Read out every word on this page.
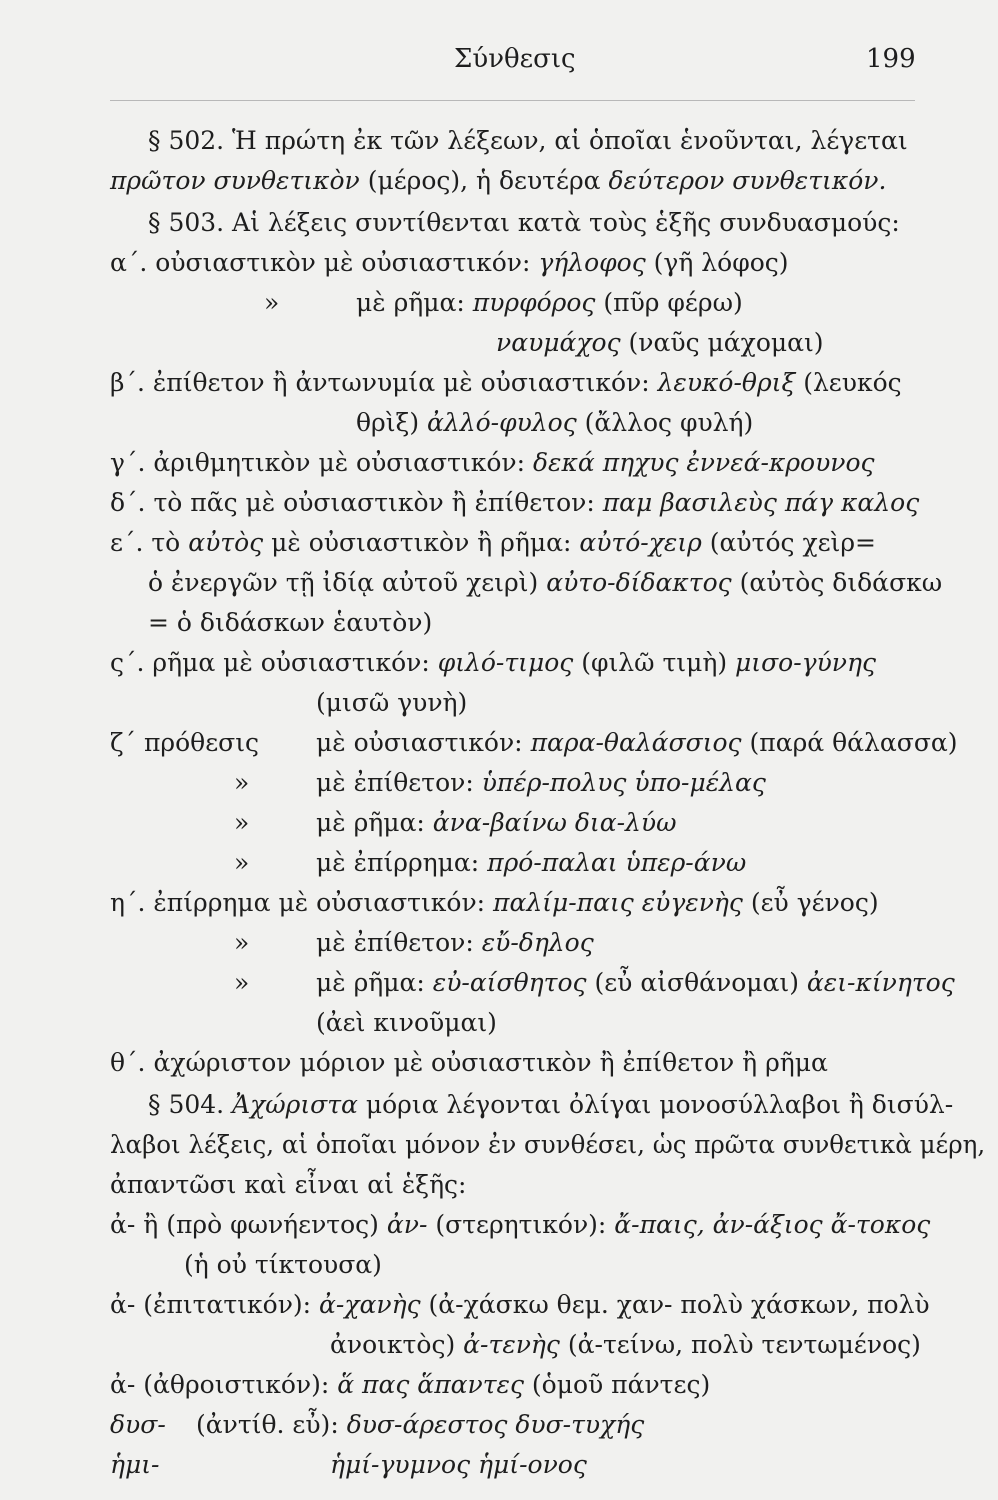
Σύνθεσις	199
§ 502. Ἡ πρώτη ἐκ τῶν λέξεων, αἱ ὁποῖαι ἑνοῦνται, λέγεται
πρῶτον συνθετικὸν (μέρος), ἡ δευτέρα δεύτερον συνθετικόν.
§ 503. Αἱ λέξεις συντίθενται κατὰ τοὺς ἑξῆς συνδυασμούς:
α΄. οὐσιαστικὸν μὲ οὐσιαστικόν: γήλοφος (γῆ λόφος)
»	μὲ ρῆμα: πυρφόρος (πῦρ φέρω)
ναυμάχος (ναῦς μάχομαι)
β΄. ἐπίθετον ἢ ἀντωνυμία μὲ οὐσιαστικόν: λευκό-θριξ (λευκός
θρὶξ) ἀλλό-φυλος (ἄλλος φυλή)
γ΄. ἀριθμητικὸν μὲ οὐσιαστικόν: δεκά πηχυς ἐννεά-κρουνος
δ΄. τὸ πᾶς μὲ οὐσιαστικὸν ἢ ἐπίθετον: παμ βασιλεὺς πάγ καλος
ε΄. τὸ αὐτὸς μὲ οὐσιαστικὸν ἢ ρῆμα: αὐτό-χειρ (αὐτός χεὶρ=
ὁ ἐνεργῶν τῇ ἰδίᾳ αὐτοῦ χειρὶ) αὐτο-δίδακτος (αὐτὸς διδάσκω
= ὁ διδάσκων ἑαυτὸν)
ς΄. ρῆμα μὲ οὐσιαστικόν: φιλό-τιμος (φιλῶ τιμὴ) μισο-γύνης
(μισῶ γυνὴ)
ζ΄ πρόθεσις μὲ οὐσιαστικόν: παρα-θαλάσσιος (παρά θάλασσα)
»	μὲ ἐπίθετον: ὑπέρ-πολυς ὑπο-μέλας
»	μὲ ρῆμα: ἀνα-βαίνω δια-λύω
»	μὲ ἐπίρρημα: πρό-παλαι ὑπερ-άνω
η΄. ἐπίρρημα μὲ οὐσιαστικόν: παλίμ-παις εὐγενὴς (εὖ γένος)
»	μὲ ἐπίθετον: εὔ-δηλος
»	μὲ ρῆμα: εὐ-αίσθητος (εὖ αἰσθάνομαι) ἀει-κίνητος
(ἀεὶ κινοῦμαι)
θ΄. ἀχώριστον μόριον μὲ οὐσιαστικὸν ἢ ἐπίθετον ἢ ρῆμα
§ 504. Ἀχώριστα μόρια λέγονται ὀλίγαι μονοσύλλαβοι ἢ δισύλ-
λαβοι λέξεις, αἱ ὁποῖαι μόνον ἐν συνθέσει, ὡς πρῶτα συνθετικὰ μέρη,
ἀπαντῶσι καὶ εἶναι αἱ ἑξῆς:
ἀ- ἢ (πρὸ φωνήεντος) ἀν- (στερητικόν): ἄ-παις, ἀν-άξιος ἄ-τοκος
(ἡ οὐ τίκτουσα)
ἀ- (ἐπιτατικόν): ἀ-χανὴς (ἀ-χάσκω θεμ. χαν- πολὺ χάσκων, πολὺ
ἀνοικτὸς) ἀ-τενὴς (ἀ-τείνω, πολὺ τεντωμένος)
ἀ- (ἀθροιστικόν): ἅ πας ἅπαντες (ὁμοῦ πάντες)
δυσ- (ἀντίθ. εὖ): δυσ-άρεστος δυσ-τυχής
ἡμι-	ἡμί-γυμνος ἡμί-ονος
